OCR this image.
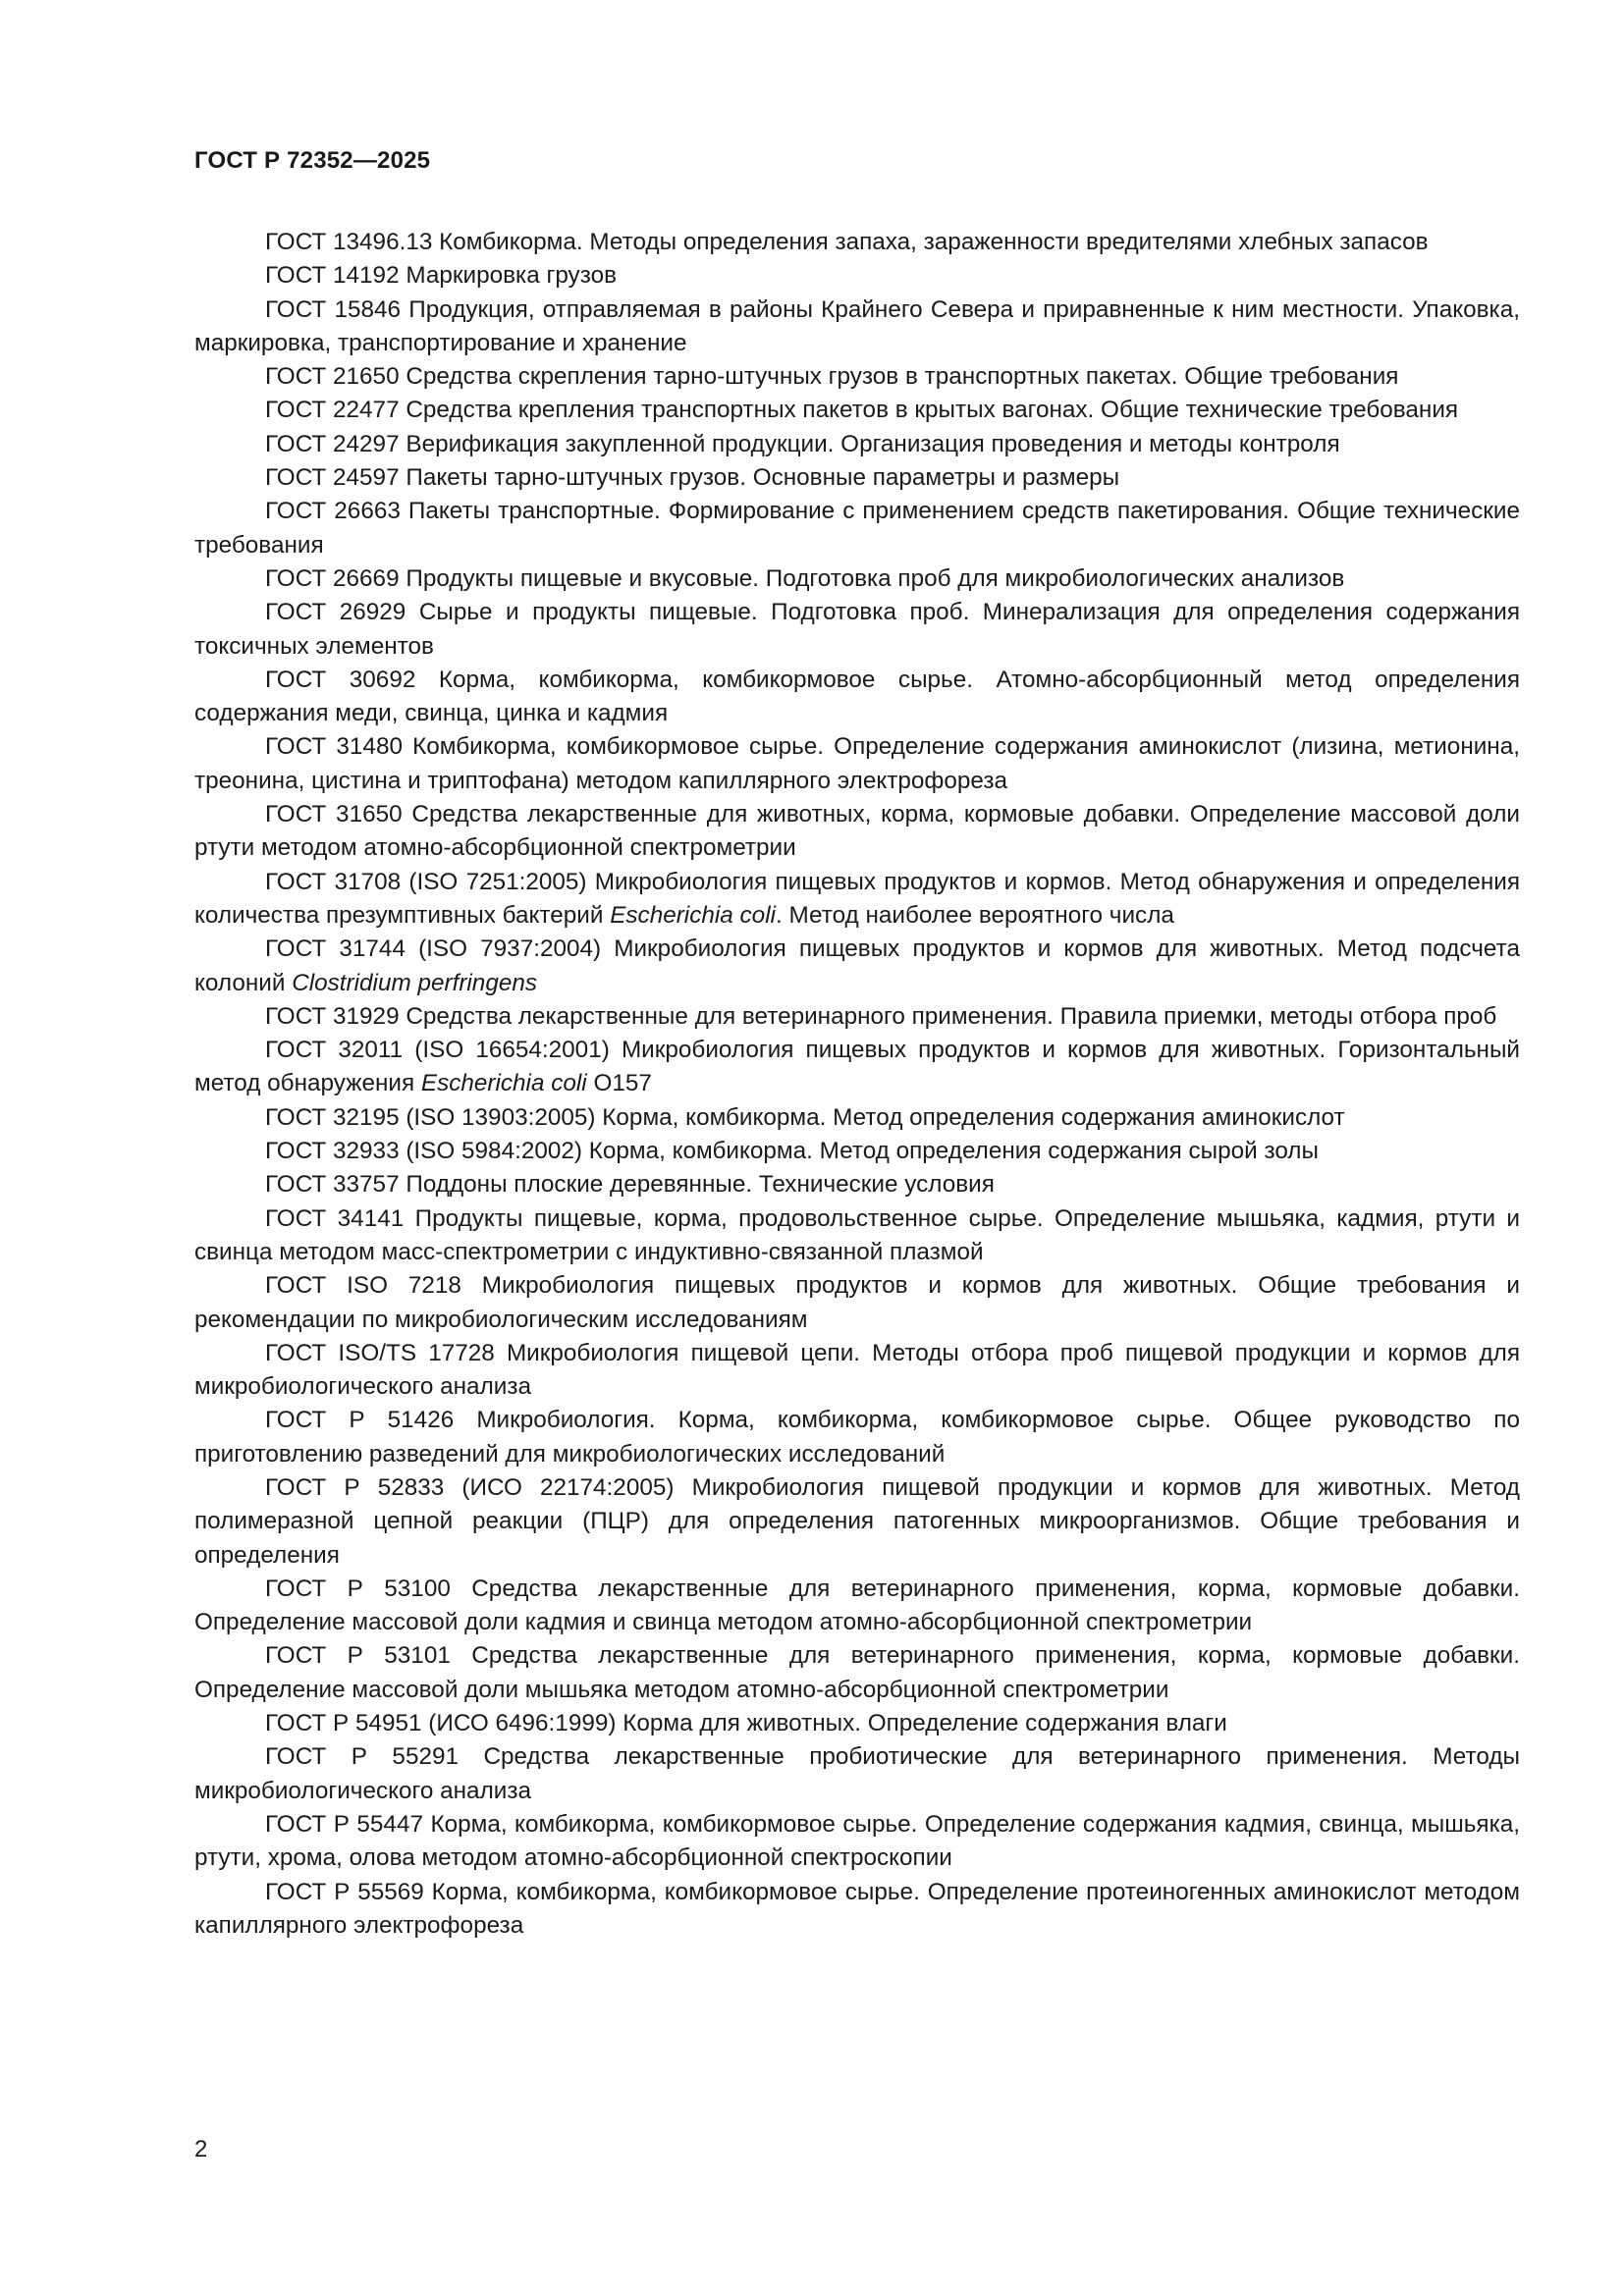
ГОСТ Р 72352—2025

ГОСТ 13496.13 Комбикорма. Методы определения запаха, зараженности вредителями хлебных запасов

ГОСТ 14192 Маркировка грузов

ГОСТ 15846 Продукция, отправляемая в районы Крайнего Севера и приравненные к ним местности. Упаковка, маркировка, транспортирование и хранение

ГОСТ 21650 Средства скрепления тарно-штучных грузов в транспортных пакетах. Общие требования

ГОСТ 22477 Средства крепления транспортных пакетов в крытых вагонах. Общие технические требования

ГОСТ 24297 Верификация закупленной продукции. Организация проведения и методы контроля

ГОСТ 24597 Пакеты тарно-штучных грузов. Основные параметры и размеры

ГОСТ 26663 Пакеты транспортные. Формирование с применением средств пакетирования. Общие технические требования

ГОСТ 26669 Продукты пищевые и вкусовые. Подготовка проб для микробиологических анализов

ГОСТ 26929 Сырье и продукты пищевые. Подготовка проб. Минерализация для определения содержания токсичных элементов

ГОСТ 30692 Корма, комбикорма, комбикормовое сырье. Атомно-абсорбционный метод определения содержания меди, свинца, цинка и кадмия

ГОСТ 31480 Комбикорма, комбикормовое сырье. Определение содержания аминокислот (лизина, метионина, треонина, цистина и триптофана) методом капиллярного электрофореза

ГОСТ 31650 Средства лекарственные для животных, корма, кормовые добавки. Определение массовой доли ртути методом атомно-абсорбционной спектрометрии

ГОСТ 31708 (ISO 7251:2005) Микробиология пищевых продуктов и кормов. Метод обнаружения и определения количества презумптивных бактерий Escherichia coli. Метод наиболее вероятного числа

ГОСТ 31744 (ISO 7937:2004) Микробиология пищевых продуктов и кормов для животных. Метод подсчета колоний Clostridium perfringens

ГОСТ 31929 Средства лекарственные для ветеринарного применения. Правила приемки, методы отбора проб

ГОСТ 32011 (ISO 16654:2001) Микробиология пищевых продуктов и кормов для животных. Горизонтальный метод обнаружения Escherichia coli O157

ГОСТ 32195 (ISO 13903:2005) Корма, комбикорма. Метод определения содержания аминокислот

ГОСТ 32933 (ISO 5984:2002) Корма, комбикорма. Метод определения содержания сырой золы

ГОСТ 33757 Поддоны плоские деревянные. Технические условия

ГОСТ 34141 Продукты пищевые, корма, продовольственное сырье. Определение мышьяка, кадмия, ртути и свинца методом масс-спектрометрии с индуктивно-связанной плазмой

ГОСТ ISO 7218 Микробиология пищевых продуктов и кормов для животных. Общие требования и рекомендации по микробиологическим исследованиям

ГОСТ ISO/TS 17728 Микробиология пищевой цепи. Методы отбора проб пищевой продукции и кормов для микробиологического анализа

ГОСТ Р 51426 Микробиология. Корма, комбикорма, комбикормовое сырье. Общее руководство по приготовлению разведений для микробиологических исследований

ГОСТ Р 52833 (ИСО 22174:2005) Микробиология пищевой продукции и кормов для животных. Метод полимеразной цепной реакции (ПЦР) для определения патогенных микроорганизмов. Общие требования и определения

ГОСТ Р 53100 Средства лекарственные для ветеринарного применения, корма, кормовые добавки. Определение массовой доли кадмия и свинца методом атомно-абсорбционной спектрометрии

ГОСТ Р 53101 Средства лекарственные для ветеринарного применения, корма, кормовые добавки. Определение массовой доли мышьяка методом атомно-абсорбционной спектрометрии

ГОСТ Р 54951 (ИСО 6496:1999) Корма для животных. Определение содержания влаги

ГОСТ Р 55291 Средства лекарственные пробиотические для ветеринарного применения. Методы микробиологического анализа

ГОСТ Р 55447 Корма, комбикорма, комбикормовое сырье. Определение содержания кадмия, свинца, мышьяка, ртути, хрома, олова методом атомно-абсорбционной спектроскопии

ГОСТ Р 55569 Корма, комбикорма, комбикормовое сырье. Определение протеиногенных аминокислот методом капиллярного электрофореза

2
